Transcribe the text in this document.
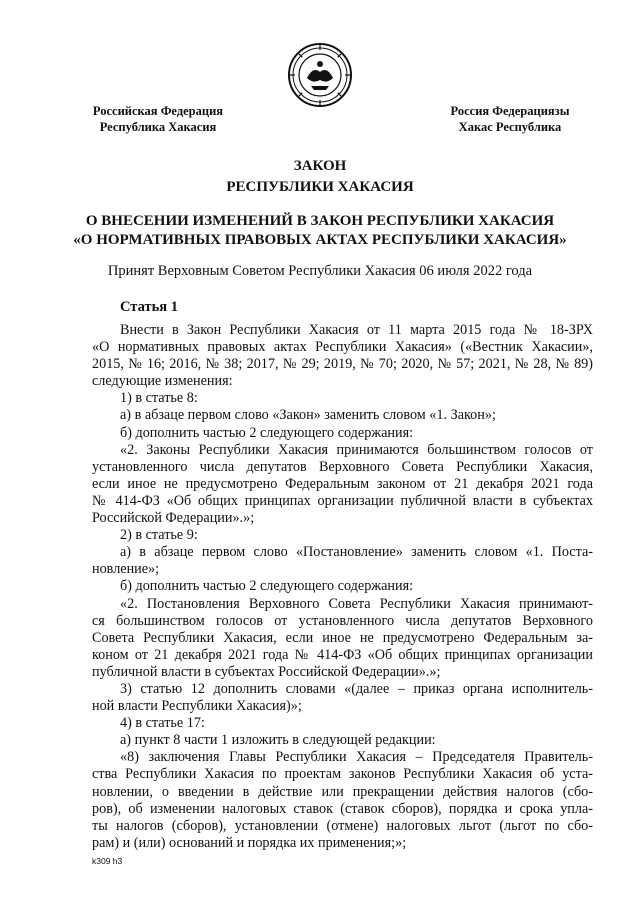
Российская Федерация
Республика Хакасия
Россия Федерациязы
Хакас Республика
ЗАКОН
РЕСПУБЛИКИ ХАКАСИЯ
О ВНЕСЕНИИ ИЗМЕНЕНИЙ В ЗАКОН РЕСПУБЛИКИ ХАКАСИЯ
«О НОРМАТИВНЫХ ПРАВОВЫХ АКТАХ РЕСПУБЛИКИ ХАКАСИЯ»
Принят Верховным Советом Республики Хакасия 06 июля 2022 года
Статья 1

Внести в Закон Республики Хакасия от 11 марта 2015 года № 18-ЗРХ

«О нормативных правовых актах Республики Хакасия» («Вестник Хакасии»,

2015, № 16; 2016, № 38; 2017, № 29; 2019, № 70; 2020, № 57; 2021, № 28, № 89)

следующие изменения:

1) в статье 8:

а) в абзаце первом слово «Закон» заменить словом «1. Закон»;

б) дополнить частью 2 следующего содержания:

«2. Законы Республики Хакасия принимаются большинством голосов от

установленного числа депутатов Верховного Совета Республики Хакасия,

если иное не предусмотрено Федеральным законом от 21 декабря 2021 года

№ 414-ФЗ «Об общих принципах организации публичной власти в субъектах

Российской Федерации».»;

2) в статье 9:

а) в абзаце первом слово «Постановление» заменить словом «1. Поста-

новление»;

б) дополнить частью 2 следующего содержания:

«2. Постановления Верховного Совета Республики Хакасия принимают-

ся большинством голосов от установленного числа депутатов Верховного

Совета Республики Хакасия, если иное не предусмотрено Федеральным за-

коном от 21 декабря 2021 года № 414-ФЗ «Об общих принципах организации

публичной власти в субъектах Российской Федерации».»;

3) статью 12 дополнить словами «(далее – приказ органа исполнитель-

ной власти Республики Хакасия)»;

4) в статье 17:

а) пункт 8 части 1 изложить в следующей редакции:

«8) заключения Главы Республики Хакасия – Председателя Правитель-

ства Республики Хакасия по проектам законов Республики Хакасия об уста-

новлении, о введении в действие или прекращении действия налогов (сбо-

ров), об изменении налоговых ставок (ставок сборов), порядка и срока упла-

ты налогов (сборов), установлении (отмене) налоговых льгот (льгот по сбо-

рам) и (или) оснований и порядка их применения;»;

k309 h3
